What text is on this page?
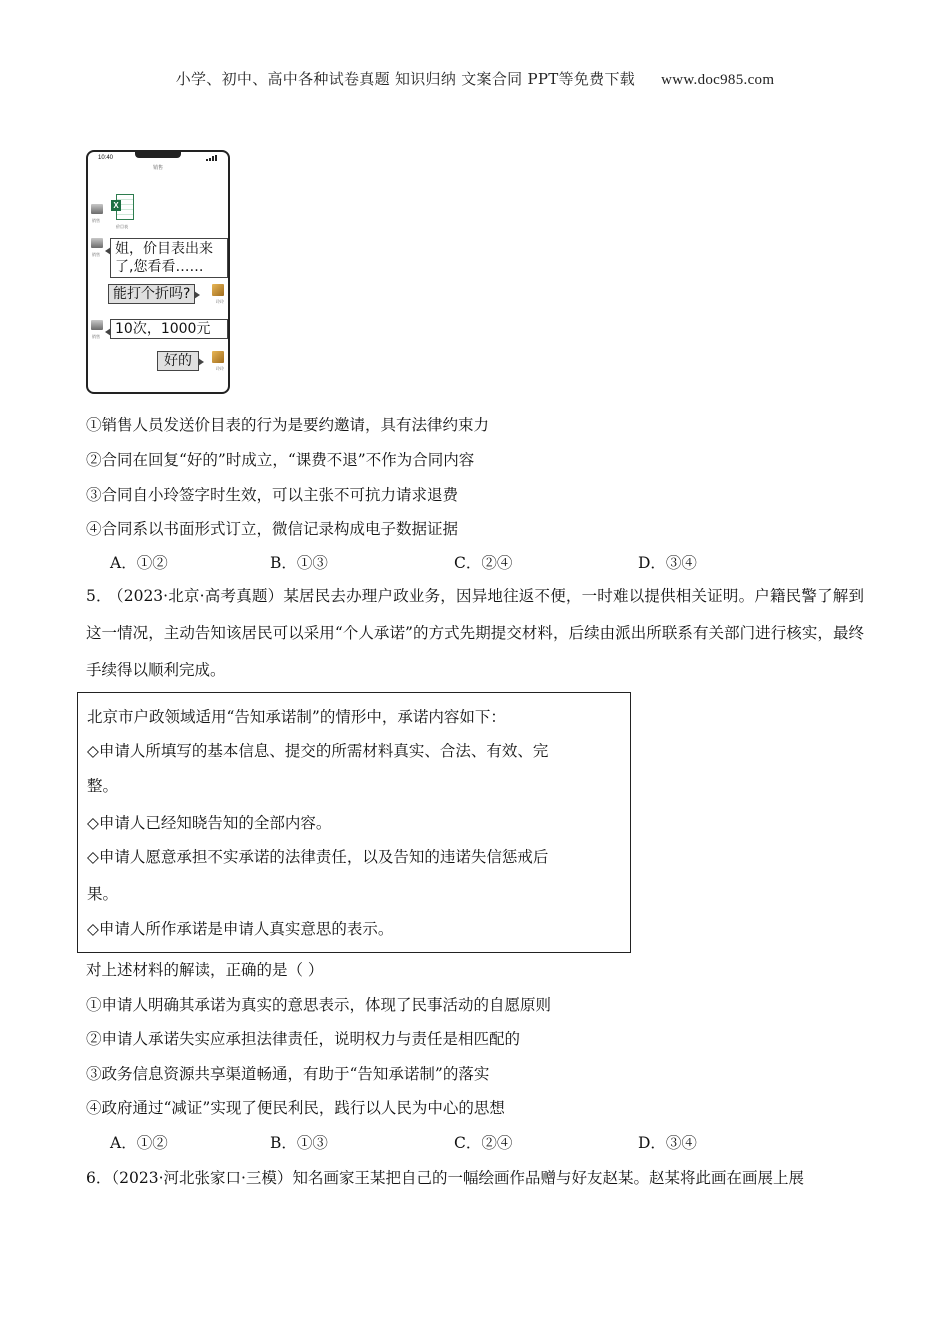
小学、初中、高中各种试卷真题 知识归纳 文案合同 PPT等免费下载 www.doc985.com
10:40
销售
销售
X
价目表
销售 姐，价目表出来
了,您看看……
能打个折吗?	玲玲
销售	10次，1000元
好的	玲玲
①销售人员发送价目表的行为是要约邀请，具有法律约束力
②合同在回复“好的”时成立，“课费不退”不作为合同内容
③合同自小玲签字时生效，可以主张不可抗力请求退费
④合同系以书面形式订立，微信记录构成电子数据证据
A．①②	B．①③	C．②④	D．③④
5． （2023·北京·高考真题）某居民去办理户政业务，因异地往返不便，一时难以提供相关证明。户籍民警了解到这一情况，主动告知该居民可以采用“个人承诺”的方式先期提交材料，后续由派出所联系有关部门进行核实，最终手续得以顺利完成。
北京市户政领域适用“告知承诺制”的情形中，承诺内容如下：
◇申请人所填写的基本信息、提交的所需材料真实、合法、有效、完
整。
◇申请人已经知晓告知的全部内容。
◇申请人愿意承担不实承诺的法律责任，以及告知的违诺失信惩戒后
果。
◇申请人所作承诺是申请人真实意思的表示。
对上述材料的解读，正确的是（ ）
①申请人明确其承诺为真实的意思表示，体现了民事活动的自愿原则
②申请人承诺失实应承担法律责任，说明权力与责任是相匹配的
③政务信息资源共享渠道畅通，有助于“告知承诺制”的落实
④政府通过“减证”实现了便民利民，践行以人民为中心的思想
A．①②	B．①③	C．②④	D．③④
6．（2023·河北张家口·三模）知名画家王某把自己的一幅绘画作品赠与好友赵某。赵某将此画在画展上展
